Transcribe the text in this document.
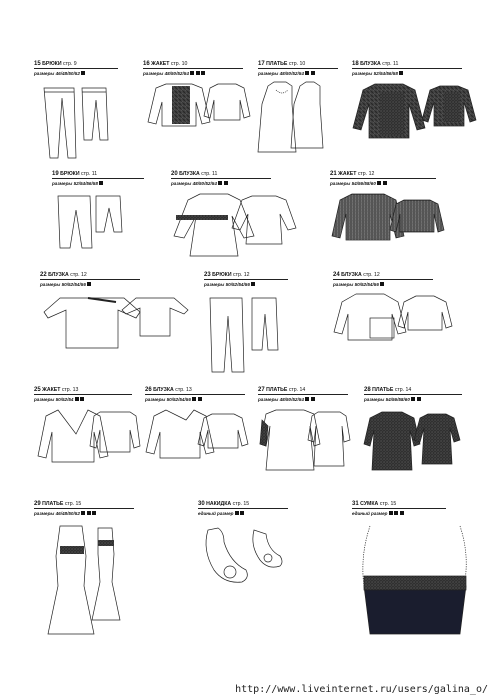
15 БРЮКИ стр. 9
размеры 46/48/50/52
16 ЖАКЕТ стр. 10
размеры 48/50/52/54
17 ПЛАТЬЕ стр. 10
размеры 48/50/52/54
18 БЛУЗКА стр. 11
размеры 52/54/56/58
19 БРЮКИ стр. 11
размеры 52/54/56/58
20 БЛУЗКА стр. 11
размеры 48/50/52/54
21 ЖАКЕТ стр. 12
размеры 54/56/58/60
22 БЛУЗКА стр. 12
размеры 50/52/54/56
23 БРЮКИ стр. 12
размеры 50/52/54/56
24 БЛУЗКА стр. 12
размеры 50/52/54/56
25 ЖАКЕТ стр. 13
размеры 50/52/54
26 БЛУЗКА стр. 13
размеры 50/52/54/56
27 ПЛАТЬЕ стр. 14
размеры 48/50/52/54
28 ПЛАТЬЕ стр. 14
размеры 54/56/58/60
29 ПЛАТЬЕ стр. 15
размеры 46/48/50/52
30 НАКИДКА стр. 15
единый размер
31 СУМКА стр. 15
единый размер
http://www.liveinternet.ru/users/galina_o/
